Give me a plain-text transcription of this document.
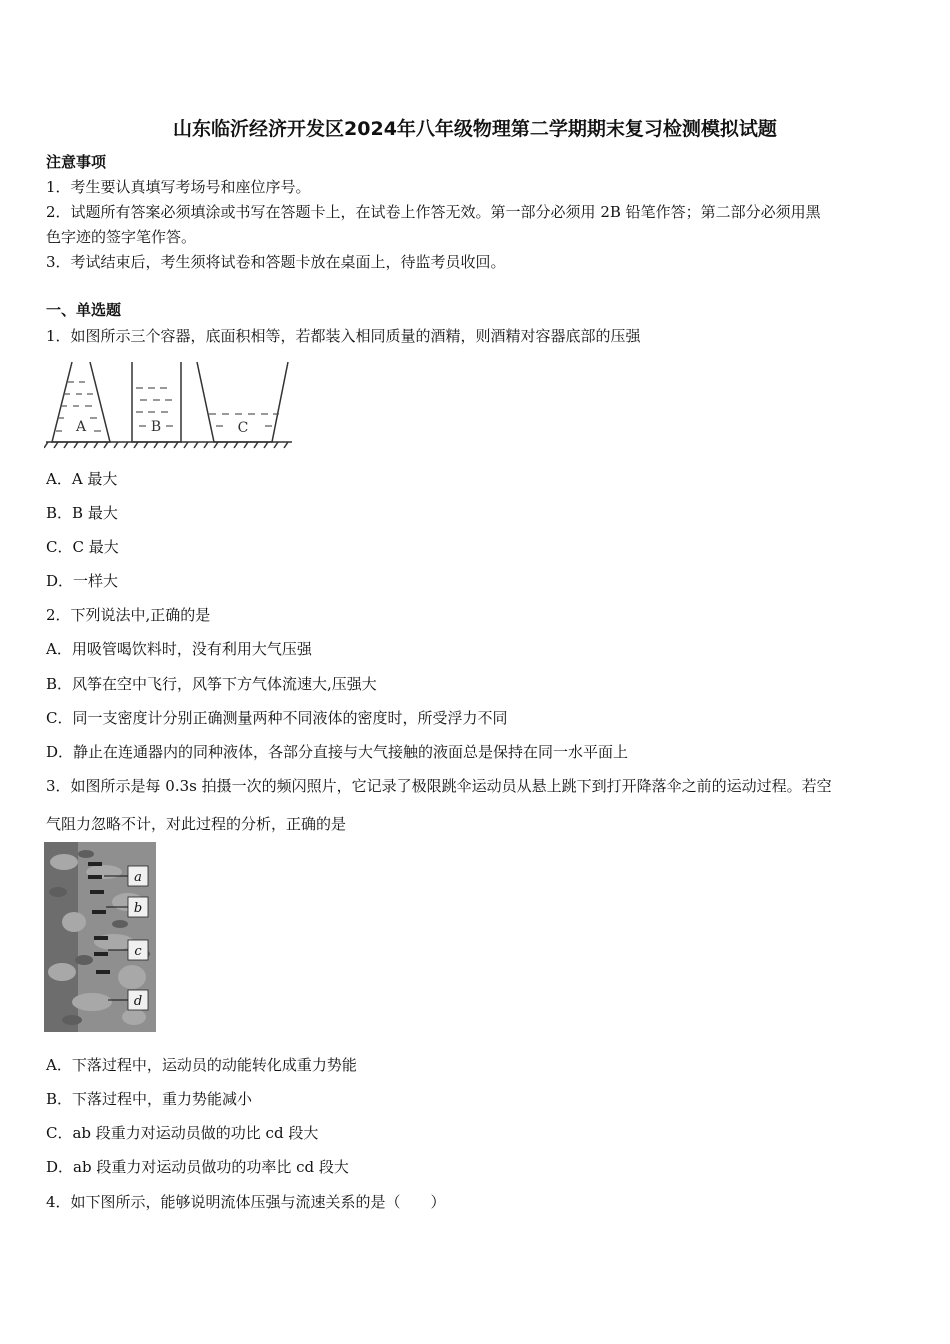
山东临沂经济开发区2024年八年级物理第二学期期末复习检测模拟试题
注意事项
1．考生要认真填写考场号和座位序号。
2．试题所有答案必须填涂或书写在答题卡上，在试卷上作答无效。第一部分必须用 2B 铅笔作答；第二部分必须用黑
色字迹的签字笔作答。
3．考试结束后，考生须将试卷和答题卡放在桌面上，待监考员收回。
一、单选题
1．如图所示三个容器，底面积相等，若都装入相同质量的酒精，则酒精对容器底部的压强
A	B	C
A．A 最大
B．B 最大
C．C 最大
D．一样大
2．下列说法中,正确的是
A．用吸管喝饮料时，没有利用大气压强
B．风筝在空中飞行，风筝下方气体流速大,压强大
C．同一支密度计分别正确测量两种不同液体的密度时，所受浮力不同
D．静止在连通器内的同种液体，各部分直接与大气接触的液面总是保持在同一水平面上
3．如图所示是每 0.3s 拍摄一次的频闪照片，它记录了极限跳伞运动员从悬上跳下到打开降落伞之前的运动过程。若空
气阻力忽略不计，对此过程的分析，正确的是
a
b
c
d
A．下落过程中，运动员的动能转化成重力势能
B．下落过程中，重力势能减小
C．ab 段重力对运动员做的功比 cd 段大
D．ab 段重力对运动员做功的功率比 cd 段大
4．如下图所示，能够说明流体压强与流速关系的是（　　）
